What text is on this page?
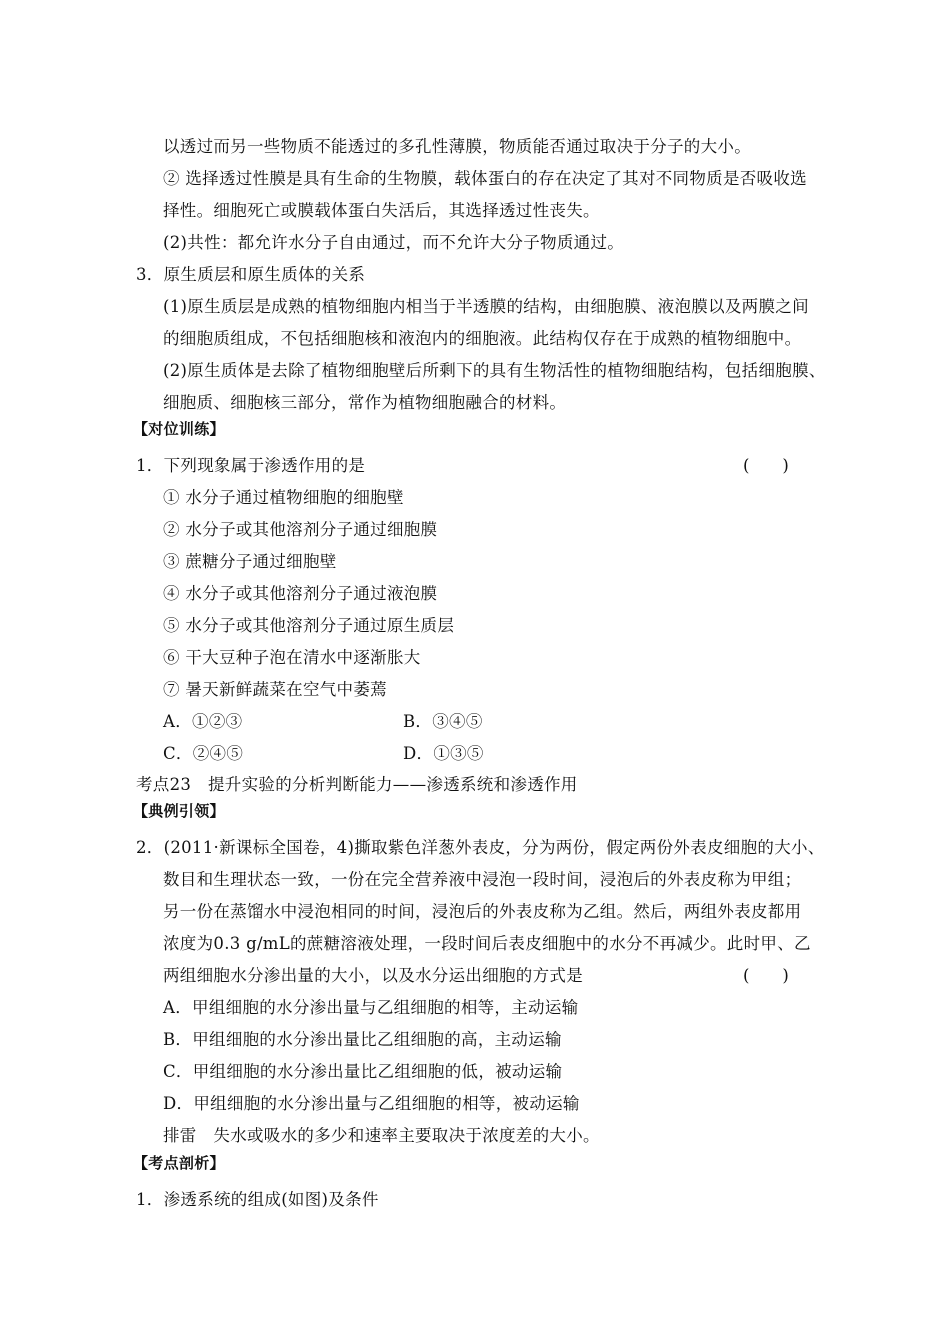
以透过而另一些物质不能透过的多孔性薄膜，物质能否通过取决于分子的大小。
② 选择透过性膜是具有生命的生物膜，载体蛋白的存在决定了其对不同物质是否吸收选
择性。细胞死亡或膜载体蛋白失活后，其选择透过性丧失。
(2)共性：都允许水分子自由通过，而不允许大分子物质通过。
3．原生质层和原生质体的关系
(1)原生质层是成熟的植物细胞内相当于半透膜的结构，由细胞膜、液泡膜以及两膜之间
的细胞质组成，不包括细胞核和液泡内的细胞液。此结构仅存在于成熟的植物细胞中。
(2)原生质体是去除了植物细胞壁后所剩下的具有生物活性的植物细胞结构，包括细胞膜、
细胞质、细胞核三部分，常作为植物细胞融合的材料。
【对位训练】
1．下列现象属于渗透作用的是	(　　)
① 水分子通过植物细胞的细胞壁
② 水分子或其他溶剂分子通过细胞膜
③ 蔗糖分子通过细胞壁
④ 水分子或其他溶剂分子通过液泡膜
⑤ 水分子或其他溶剂分子通过原生质层
⑥ 干大豆种子泡在清水中逐渐胀大
⑦ 暑天新鲜蔬菜在空气中萎蔫
A．①②③	B．③④⑤
C．②④⑤	D．①③⑤
考点23　提升实验的分析判断能力——渗透系统和渗透作用
【典例引领】
2．(2011·新课标全国卷，4)撕取紫色洋葱外表皮，分为两份，假定两份外表皮细胞的大小、
数目和生理状态一致，一份在完全营养液中浸泡一段时间，浸泡后的外表皮称为甲组；
另一份在蒸馏水中浸泡相同的时间，浸泡后的外表皮称为乙组。然后，两组外表皮都用
浓度为0.3 g/mL的蔗糖溶液处理，一段时间后表皮细胞中的水分不再减少。此时甲、乙
两组细胞水分渗出量的大小，以及水分运出细胞的方式是	(　　)
A．甲组细胞的水分渗出量与乙组细胞的相等，主动运输
B．甲组细胞的水分渗出量比乙组细胞的高，主动运输
C．甲组细胞的水分渗出量比乙组细胞的低，被动运输
D．甲组细胞的水分渗出量与乙组细胞的相等，被动运输
排雷　失水或吸水的多少和速率主要取决于浓度差的大小。
【考点剖析】
1．渗透系统的组成(如图)及条件
